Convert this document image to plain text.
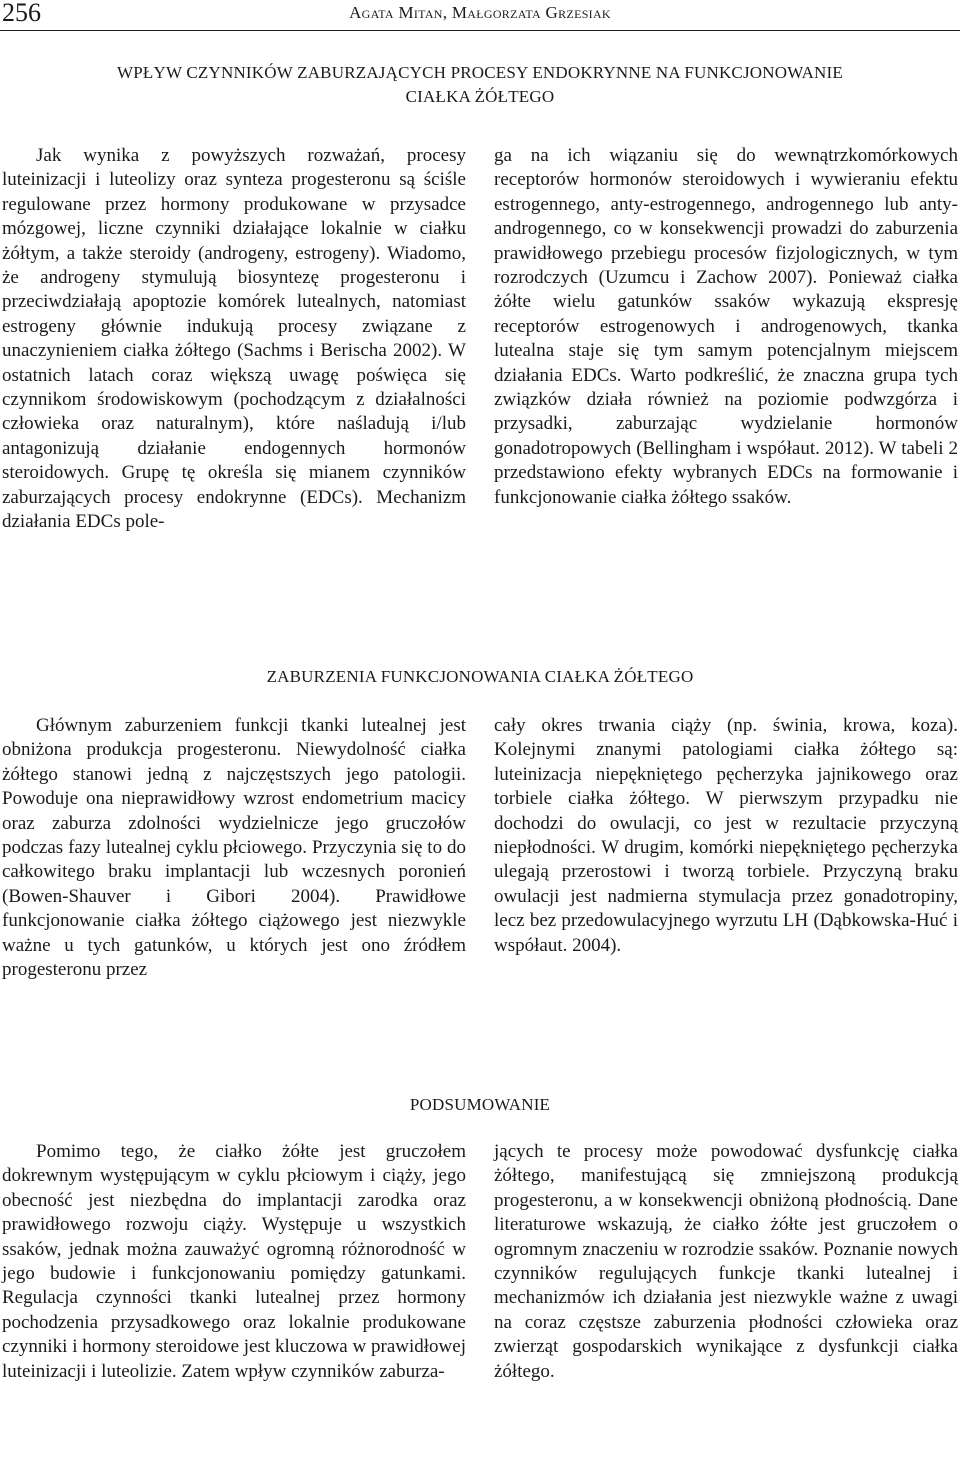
256	Agata Mitan, Małgorzata Grzesiak
WPŁYW CZYNNIKÓW ZABURZAJĄCYCH PROCESY ENDOKRYNNE NA FUNKCJONOWANIE
CIAŁKA ŻÓŁTEGO

Jak wynika z powyższych rozważań, procesy luteinizacji i luteolizy oraz synteza progesteronu są ściśle regulowane przez hormony produkowane w przysadce mózgowej, liczne czynniki działające lokalnie w ciałku żółtym, a także steroidy (androgeny, estrogeny). Wiadomo, że androgeny stymulują biosyntezę progesteronu i przeciwdziałają apoptozie komórek lutealnych, natomiast estrogeny głównie indukują procesy związane z unaczynieniem ciałka żółtego (Sachms i Berischa 2002). W ostatnich latach coraz większą uwagę poświęca się czynnikom środowiskowym (pochodzącym z działalności człowieka oraz naturalnym), które naśladują i/lub antagonizują działanie endogennych hormonów steroidowych. Grupę tę określa się mianem czynników zaburzających procesy endokrynne (EDCs). Mechanizm działania EDCs pole-

ga na ich wiązaniu się do wewnątrzkomórkowych receptorów hormonów steroidowych i wywieraniu efektu estrogennego, anty-estrogennego, androgennego lub anty-androgennego, co w konsekwencji prowadzi do zaburzenia prawidłowego przebiegu procesów fizjologicznych, w tym rozrodczych (Uzumcu i Zachow 2007). Ponieważ ciałka żółte wielu gatunków ssaków wykazują ekspresję receptorów estrogenowych i androgenowych, tkanka lutealna staje się tym samym potencjalnym miejscem działania EDCs. Warto podkreślić, że znaczna grupa tych związków działa również na poziomie podwzgórza i przysadki, zaburzając wydzielanie hormonów gonadotropowych (Bellingham i współaut. 2012). W tabeli 2 przedstawiono efekty wybranych EDCs na formowanie i funkcjonowanie ciałka żółtego ssaków.

ZABURZENIA FUNKCJONOWANIA CIAŁKA ŻÓŁTEGO

Głównym zaburzeniem funkcji tkanki lutealnej jest obniżona produkcja progesteronu. Niewydolność ciałka żółtego stanowi jedną z najczęstszych jego patologii. Powoduje ona nieprawidłowy wzrost endometrium macicy oraz zaburza zdolności wydzielnicze jego gruczołów podczas fazy lutealnej cyklu płciowego. Przyczynia się to do całkowitego braku implantacji lub wczesnych poronień (Bowen-Shauver i Gibori 2004). Prawidłowe funkcjonowanie ciałka żółtego ciążowego jest niezwykle ważne u tych gatunków, u których jest ono źródłem progesteronu przez

cały okres trwania ciąży (np. świnia, krowa, koza). Kolejnymi znanymi patologiami ciałka żółtego są: luteinizacja niepękniętego pęcherzyka jajnikowego oraz torbiele ciałka żółtego. W pierwszym przypadku nie dochodzi do owulacji, co jest w rezultacie przyczyną niepłodności. W drugim, komórki niepękniętego pęcherzyka ulegają przerostowi i tworzą torbiele. Przyczyną braku owulacji jest nadmierna stymulacja przez gonadotropiny, lecz bez przedowulacyjnego wyrzutu LH (Dąbkowska-Huć i współaut. 2004).

PODSUMOWANIE

Pomimo tego, że ciałko żółte jest gruczołem dokrewnym występującym w cyklu płciowym i ciąży, jego obecność jest niezbędna do implantacji zarodka oraz prawidłowego rozwoju ciąży. Występuje u wszystkich ssaków, jednak można zauważyć ogromną różnorodność w jego budowie i funkcjonowaniu pomiędzy gatunkami. Regulacja czynności tkanki lutealnej przez hormony pochodzenia przysadkowego oraz lokalnie produkowane czynniki i hormony steroidowe jest kluczowa w prawidłowej luteinizacji i luteolizie. Zatem wpływ czynników zaburza-

jących te procesy może powodować dysfunkcję ciałka żółtego, manifestującą się zmniejszoną produkcją progesteronu, a w konsekwencji obniżoną płodnością. Dane literaturowe wskazują, że ciałko żółte jest gruczołem o ogromnym znaczeniu w rozrodzie ssaków. Poznanie nowych czynników regulujących funkcje tkanki lutealnej i mechanizmów ich działania jest niezwykle ważne z uwagi na coraz częstsze zaburzenia płodności człowieka oraz zwierząt gospodarskich wynikające z dysfunkcji ciałka żółtego.
